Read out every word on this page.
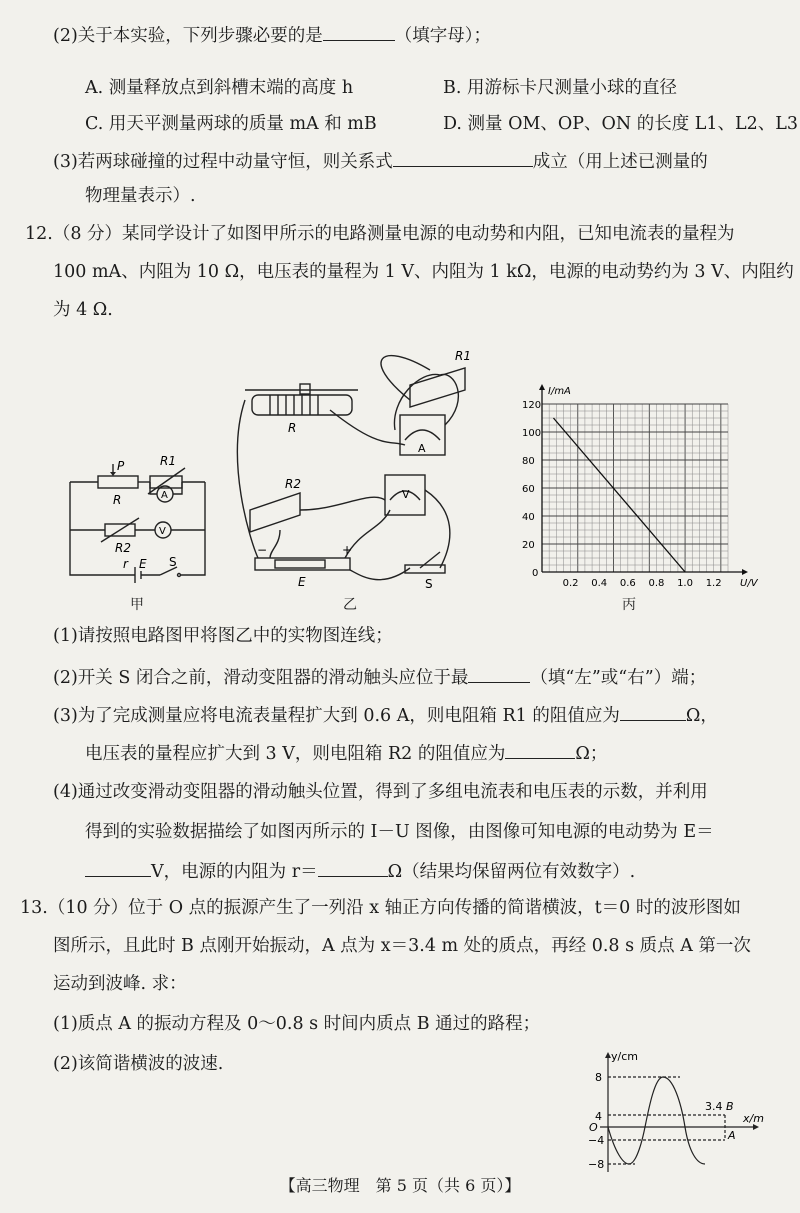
(2)关于本实验，下列步骤必要的是	（填字母）；
A. 测量释放点到斜槽末端的高度 h	B. 用游标卡尺测量小球的直径
C. 用天平测量两球的质量 mA 和 mB	D. 测量 OM、OP、ON 的长度 L1、L2、L3
(3)若两球碰撞的过程中动量守恒，则关系式	成立（用上述已测量的
物理量表示）.
12.（8 分）某同学设计了如图甲所示的电路测量电源的电动势和内阻，已知电流表的量程为
100 mA、内阻为 10 Ω，电压表的量程为 1 V、内阻为 1 kΩ，电源的电动势约为 3 V、内阻约
为 4 Ω.
P
R
R1
A
V
R2
r E S
甲
R
R1
A
R2
V
−	+
E	S
乙
0.2 0.4 0.6 0.8 1.0 1.2
20
40
60
80
100
120
0
U/V
I/mA
丙
(1)请按照电路图甲将图乙中的实物图连线；
(2)开关 S 闭合之前，滑动变阻器的滑动触头应位于最	（填“左”或“右”）端；
(3)为了完成测量应将电流表量程扩大到 0.6 A，则电阻箱 R1 的阻值应为	Ω，
电压表的量程应扩大到 3 V，则电阻箱 R2 的阻值应为	Ω；
(4)通过改变滑动变阻器的滑动触头位置，得到了多组电流表和电压表的示数，并利用
得到的实验数据描绘了如图丙所示的 I－U 图像，由图像可知电源的电动势为 E＝
V，电源的内阻为 r＝	Ω（结果均保留两位有效数字）.
13.（10 分）位于 O 点的振源产生了一列沿 x 轴正方向传播的简谐横波，t＝0 时的波形图如
图所示，且此时 B 点刚开始振动，A 点为 x＝3.4 m 处的质点，再经 0.8 s 质点 A 第一次
运动到波峰. 求：
(1)质点 A 的振动方程及 0～0.8 s 时间内质点 B 通过的路程；
(2)该简谐横波的波速.	y/cm
x/m
8
O
−4
−8
4
3.4 B
A
【高三物理　第 5 页（共 6 页）】
